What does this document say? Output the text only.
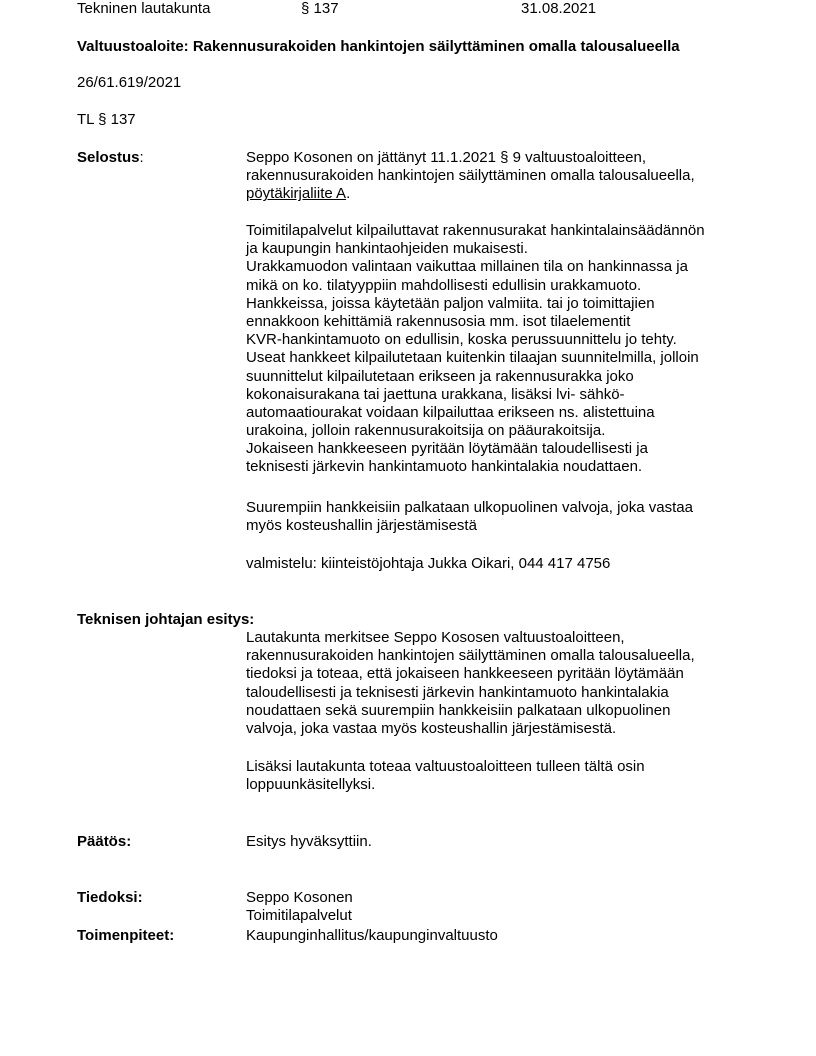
Tekninen lautakunta	§ 137	31.08.2021
Valtuustoaloite: Rakennusurakoiden hankintojen säilyttäminen omalla talousalueella
26/61.619/2021
TL § 137
Selostus:	Seppo Kosonen on jättänyt 11.1.2021 § 9 valtuustoaloitteen,
rakennusurakoiden hankintojen säilyttäminen omalla talousalueella,
pöytäkirjaliite A.
Toimitilapalvelut kilpailuttavat rakennusurakat hankintalainsäädännön
ja kaupungin hankintaohjeiden mukaisesti.
Urakkamuodon valintaan vaikuttaa millainen tila on hankinnassa ja
mikä on ko. tilatyyppiin mahdollisesti edullisin urakkamuoto.
Hankkeissa, joissa käytetään paljon valmiita. tai jo toimittajien
ennakkoon kehittämiä rakennusosia mm. isot tilaelementit
KVR-hankintamuoto on edullisin, koska perussuunnittelu jo tehty.
Useat hankkeet kilpailutetaan kuitenkin tilaajan suunnitelmilla, jolloin
suunnittelut kilpailutetaan erikseen ja rakennusurakka joko
kokonaisurakana tai jaettuna urakkana, lisäksi lvi- sähkö-
automaatiourakat voidaan kilpailuttaa erikseen ns. alistettuina
urakoina, jolloin rakennusurakoitsija on pääurakoitsija.
Jokaiseen hankkeeseen pyritään löytämään taloudellisesti ja
teknisesti järkevin hankintamuoto hankintalakia noudattaen.
Suurempiin hankkeisiin palkataan ulkopuolinen valvoja, joka vastaa
myös kosteushallin järjestämisestä
valmistelu: kiinteistöjohtaja Jukka Oikari, 044 417 4756
Teknisen johtajan esitys:
Lautakunta merkitsee Seppo Kososen valtuustoaloitteen,
rakennusurakoiden hankintojen säilyttäminen omalla talousalueella,
tiedoksi ja toteaa, että jokaiseen hankkeeseen pyritään löytämään
taloudellisesti ja teknisesti järkevin hankintamuoto hankintalakia
noudattaen sekä suurempiin hankkeisiin palkataan ulkopuolinen
valvoja, joka vastaa myös kosteushallin järjestämisestä.
Lisäksi lautakunta toteaa valtuustoaloitteen tulleen tältä osin
loppuunkäsitellyksi.
Päätös:	Esitys hyväksyttiin.
Tiedoksi:	Seppo Kosonen
Toimitilapalvelut
Toimenpiteet:	Kaupunginhallitus/kaupunginvaltuusto
